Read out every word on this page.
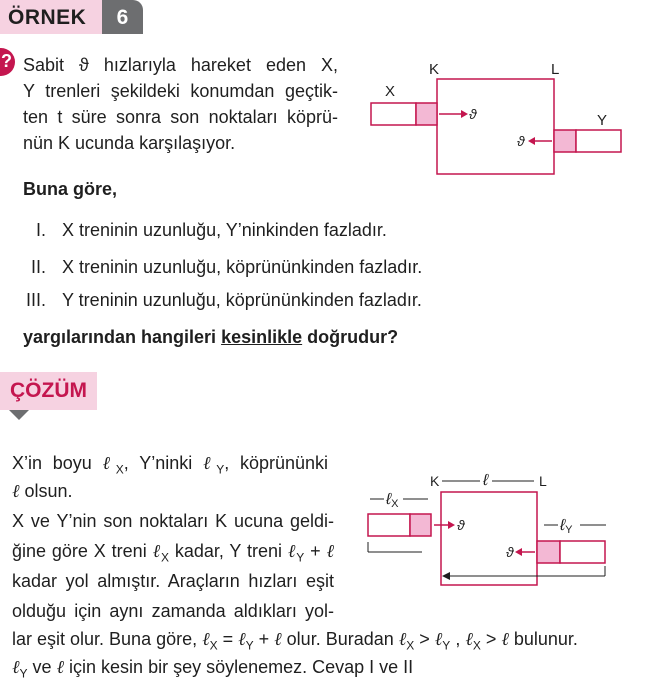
ÖRNEK	6
? Sabit ϑ hızlarıyla hareket eden X,
Y trenleri şekildeki konumdan geçtik-
ten t süre sonra son noktaları köprü-
nün K ucunda karşılaşıyor.
K	L
X
ϑ	Y
ϑ
Buna göre,
I. X treninin uzunluğu, Y’ninkinden fazladır.
II. X treninin uzunluğu, köprününkinden fazladır.
III. Y treninin uzunluğu, köprününkinden fazladır.
yargılarından hangileri kesinlikle doğrudur?
ÇÖZÜM
X’in boyu ℓ$_X$, Y’ninki ℓ$_Y$, köprününki
ℓ olsun.
X ve Y’nin son noktaları K ucuna geldi-
ğine göre X treni ℓ$_X$ kadar, Y treni ℓ$_Y$ + ℓ
kadar yol almıştır. Araçların hızları eşit
olduğu için aynı zamanda aldıkları yol-
lar eşit olur. Buna göre, ℓ$_X$ = ℓ$_Y$ + ℓ olur. Buradan ℓ$_X$ > ℓ$_Y$ , ℓ$_X$ > ℓ bulunur.
ℓ$_Y$ ve ℓ için kesin bir şey söylenemez. Cevap I ve II
K	ℓ	L
ℓX
ϑ	ℓY
ϑ
